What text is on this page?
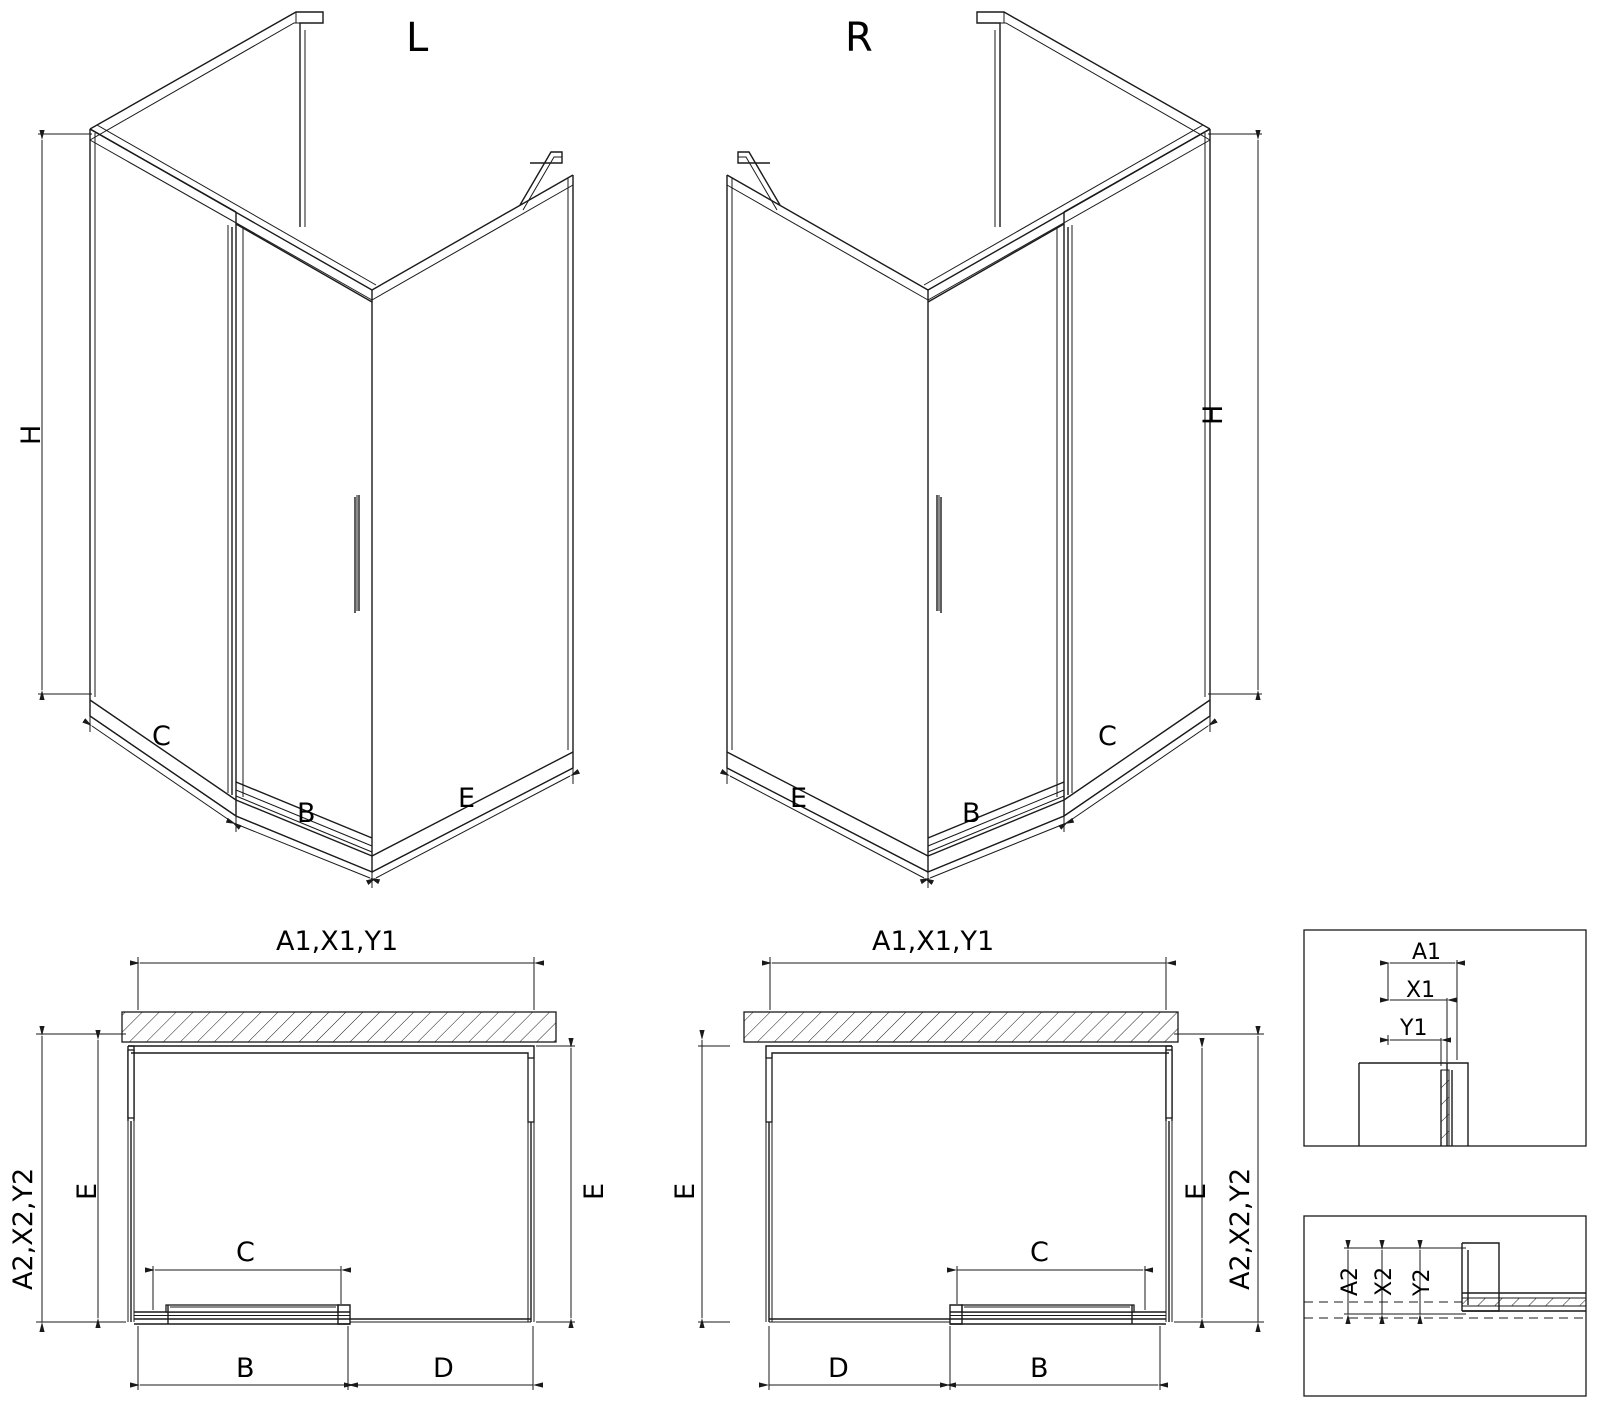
L	R
H
C
B	E
H
C
B
E
A1,X1,Y1
A2,X2,Y2 E	E
C
B	D
A1,X1,Y1
A2,X2,Y2
E	E
C
B
D
A1
X1
Y1
A2 X2 Y2
